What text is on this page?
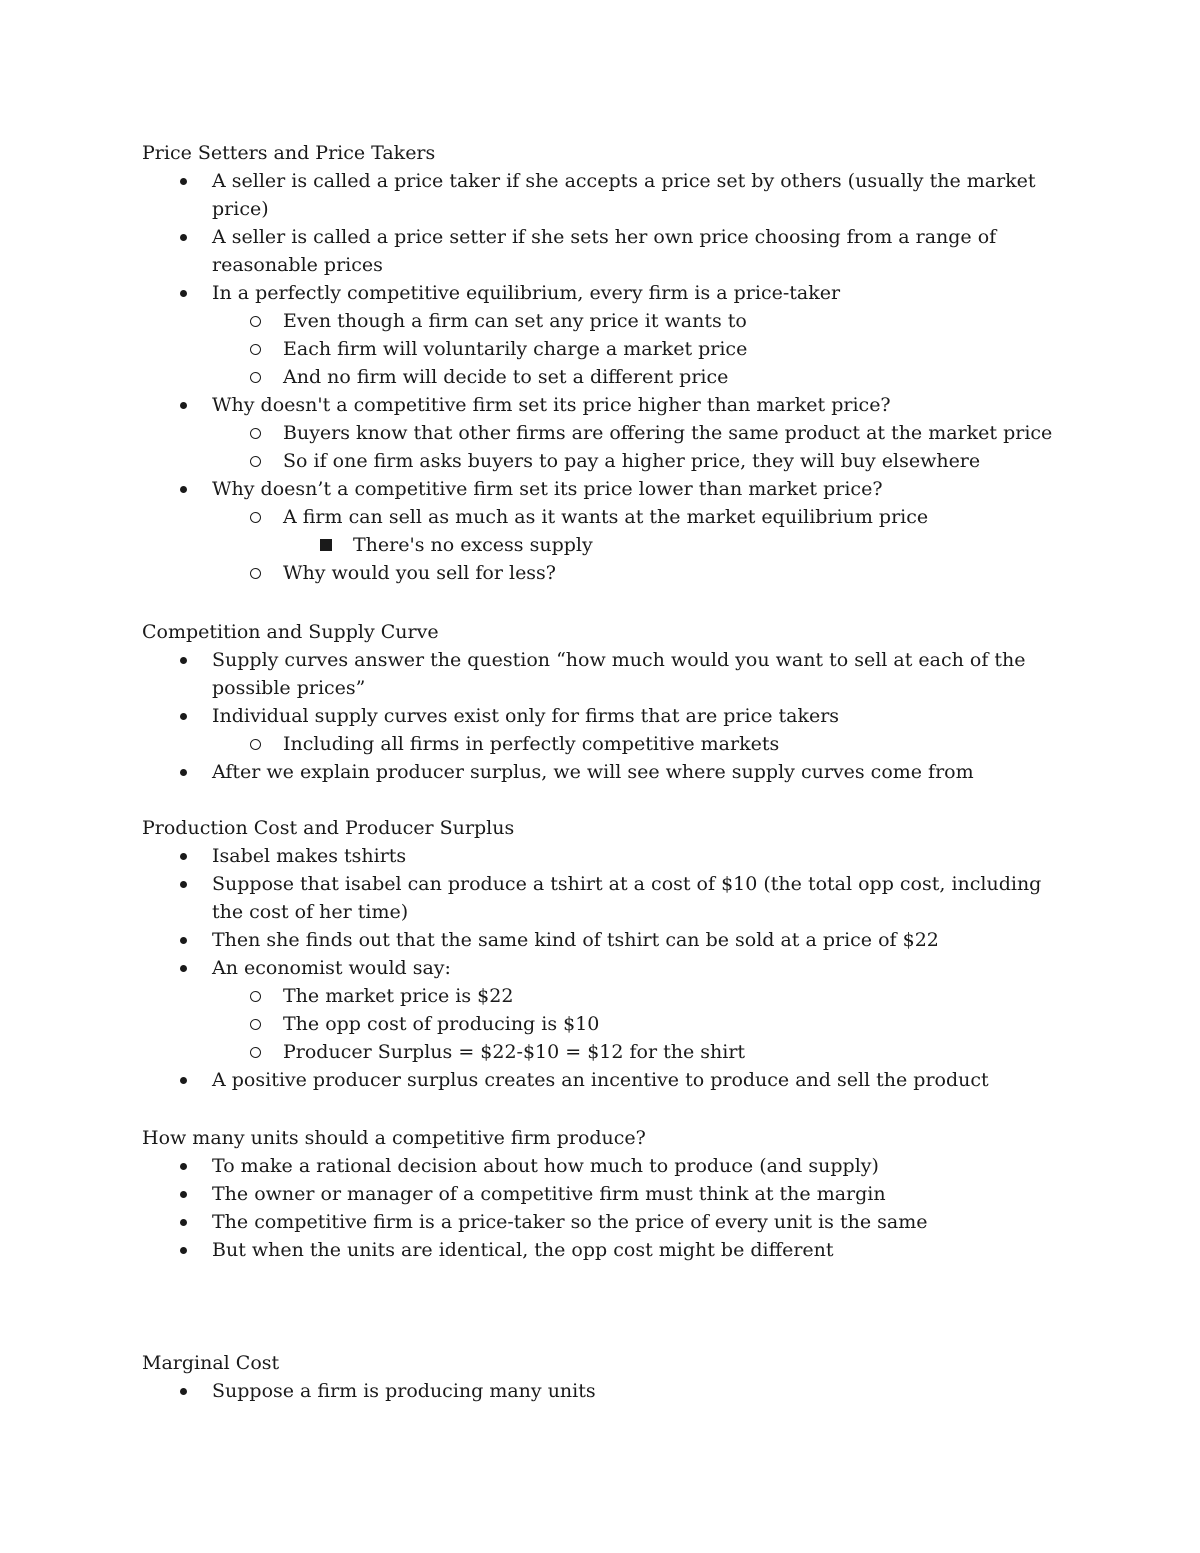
Price Setters and Price Takers
A seller is called a price taker if she accepts a price set by others (usually the market price)
A seller is called a price setter if she sets her own price choosing from a range of reasonable prices
In a perfectly competitive equilibrium, every firm is a price-taker
Even though a firm can set any price it wants to
Each firm will voluntarily charge a market price
And no firm will decide to set a different price
Why doesn't a competitive firm set its price higher than market price?
Buyers know that other firms are offering the same product at the market price
So if one firm asks buyers to pay a higher price, they will buy elsewhere
Why doesn’t a competitive firm set its price lower than market price?
A firm can sell as much as it wants at the market equilibrium price
There's no excess supply
Why would you sell for less?
Competition and Supply Curve
Supply curves answer the question “how much would you want to sell at each of the possible prices”
Individual supply curves exist only for firms that are price takers
Including all firms in perfectly competitive markets
After we explain producer surplus, we will see where supply curves come from
Production Cost and Producer Surplus
Isabel makes tshirts
Suppose that isabel can produce a tshirt at a cost of $10 (the total opp cost, including the cost of her time)
Then she finds out that the same kind of tshirt can be sold at a price of $22
An economist would say:
The market price is $22
The opp cost of producing is $10
Producer Surplus = $22-$10 = $12 for the shirt
A positive producer surplus creates an incentive to produce and sell the product
How many units should a competitive firm produce?
To make a rational decision about how much to produce (and supply)
The owner or manager of a competitive firm must think at the margin
The competitive firm is a price-taker so the price of every unit is the same
But when the units are identical, the opp cost might be different
Marginal Cost
Suppose a firm is producing many units
